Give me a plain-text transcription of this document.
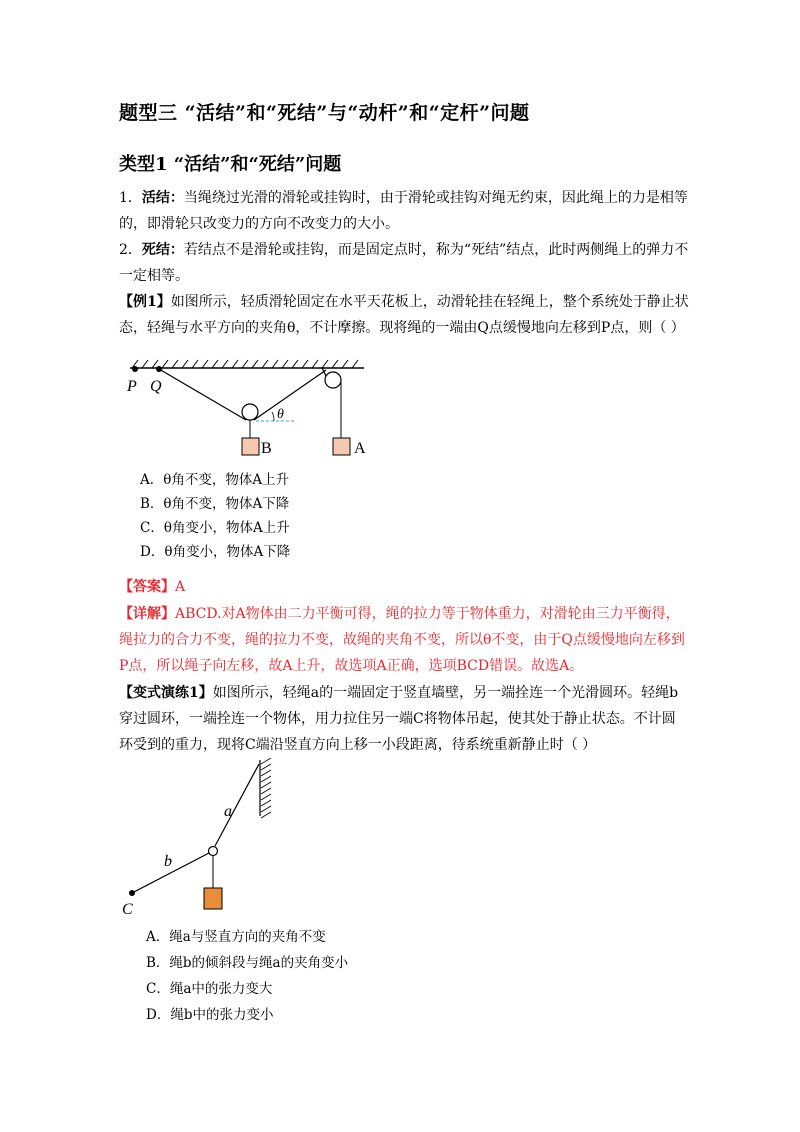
题型三 “活结”和“死结”与“动杆”和“定杆”问题
类型1 “活结”和“死结”问题
1．活结：当绳绕过光滑的滑轮或挂钩时，由于滑轮或挂钩对绳无约束，因此绳上的力是相等的，即滑轮只改变力的方向不改变力的大小。
2．死结：若结点不是滑轮或挂钩，而是固定点时，称为“死结”结点，此时两侧绳上的弹力不一定相等。
【例1】如图所示，轻质滑轮固定在水平天花板上，动滑轮挂在轻绳上，整个系统处于静止状态，轻绳与水平方向的夹角θ，不计摩擦。现将绳的一端由Q点缓慢地向左移到P点，则（ ）
P Q
θ
B	A
A．θ角不变，物体A上升
B．θ角不变，物体A下降
C．θ角变小，物体A上升
D．θ角变小，物体A下降
【答案】A
【详解】ABCD.对A物体由二力平衡可得，绳的拉力等于物体重力，对滑轮由三力平衡得，绳拉力的合力不变，绳的拉力不变，故绳的夹角不变，所以θ不变，由于Q点缓慢地向左移到P点，所以绳子向左移，故A上升，故选项A正确，选项BCD错误。故选A。
【变式演练1】如图所示，轻绳a的一端固定于竖直墙壁，另一端拴连一个光滑圆环。轻绳b穿过圆环，一端拴连一个物体，用力拉住另一端C将物体吊起，使其处于静止状态。不计圆环受到的重力，现将C端沿竖直方向上移一小段距离，待系统重新静止时（ ）
a
b
C
A．绳a与竖直方向的夹角不变
B．绳b的倾斜段与绳a的夹角变小
C．绳a中的张力变大
D．绳b中的张力变小
